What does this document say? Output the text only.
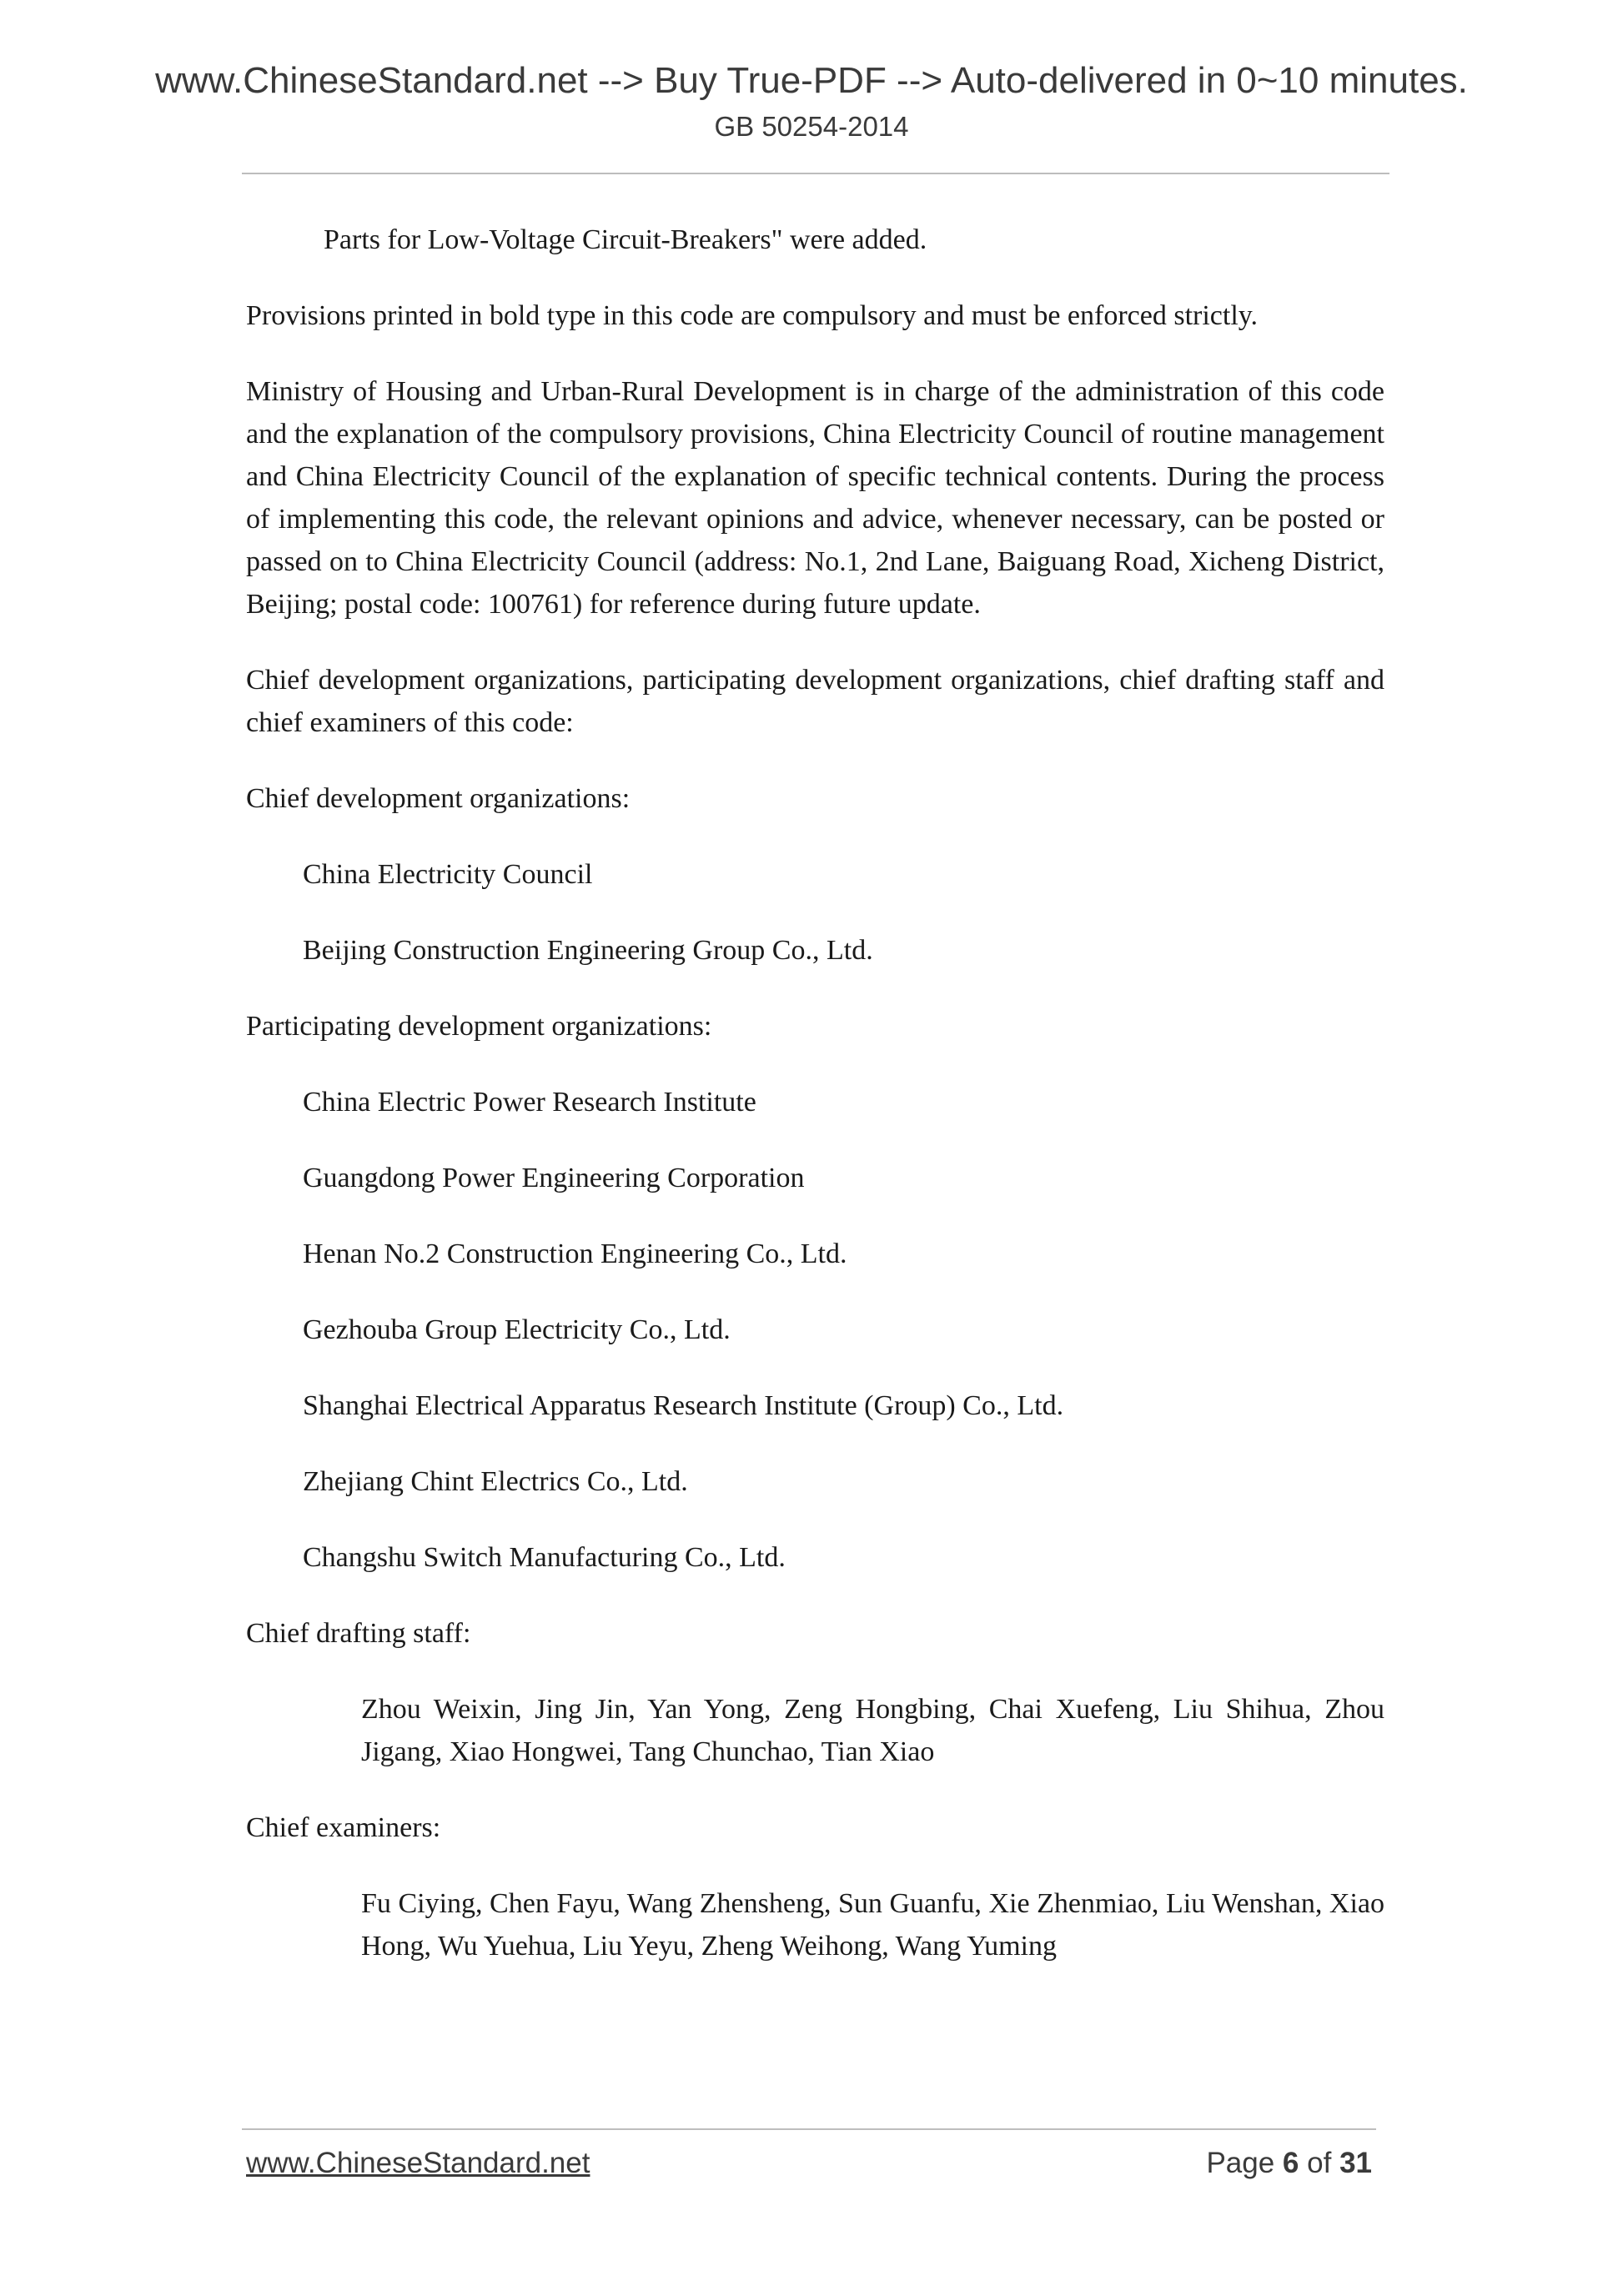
www.ChineseStandard.net --> Buy True-PDF --> Auto-delivered in 0~10 minutes.
GB 50254-2014

Parts for Low-Voltage Circuit-Breakers" were added.

Provisions printed in bold type in this code are compulsory and must be enforced strictly.

Ministry of Housing and Urban-Rural Development is in charge of the administration of this code and the explanation of the compulsory provisions, China Electricity Council of routine management and China Electricity Council of the explanation of specific technical contents. During the process of implementing this code, the relevant opinions and advice, whenever necessary, can be posted or passed on to China Electricity Council (address: No.1, 2nd Lane, Baiguang Road, Xicheng District, Beijing; postal code: 100761) for reference during future update.

Chief development organizations, participating development organizations, chief drafting staff and chief examiners of this code:

Chief development organizations:

China Electricity Council

Beijing Construction Engineering Group Co., Ltd.

Participating development organizations:

China Electric Power Research Institute

Guangdong Power Engineering Corporation

Henan No.2 Construction Engineering Co., Ltd.

Gezhouba Group Electricity Co., Ltd.

Shanghai Electrical Apparatus Research Institute (Group) Co., Ltd.

Zhejiang Chint Electrics Co., Ltd.

Changshu Switch Manufacturing Co., Ltd.

Chief drafting staff:

Zhou Weixin, Jing Jin, Yan Yong, Zeng Hongbing, Chai Xuefeng, Liu Shihua, Zhou Jigang, Xiao Hongwei, Tang Chunchao, Tian Xiao

Chief examiners:

Fu Ciying, Chen Fayu, Wang Zhensheng, Sun Guanfu, Xie Zhenmiao, Liu Wenshan, Xiao Hong, Wu Yuehua, Liu Yeyu, Zheng Weihong, Wang Yuming

www.ChineseStandard.net	Page 6 of 31
